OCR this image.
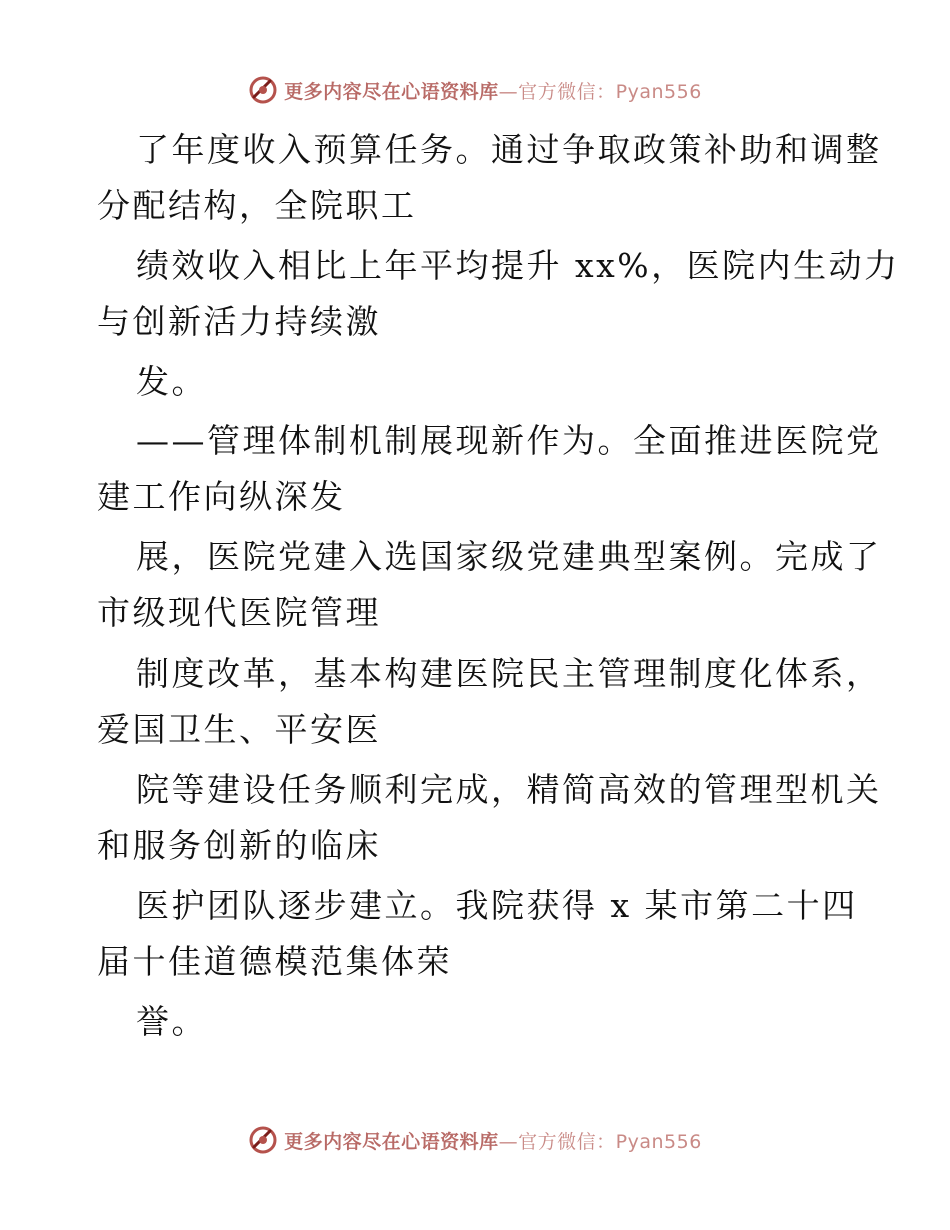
更多内容尽在心语资料库—官方微信：Pyan556
了年度收入预算任务。通过争取政策补助和调整
分配结构，全院职工
绩效收入相比上年平均提升 xx%，医院内生动力
与创新活力持续激
发。
——管理体制机制展现新作为。全面推进医院党
建工作向纵深发
展，医院党建入选国家级党建典型案例。完成了
市级现代医院管理
制度改革，基本构建医院民主管理制度化体系，
爱国卫生、平安医
院等建设任务顺利完成，精简高效的管理型机关
和服务创新的临床
医护团队逐步建立。我院获得 x 某市第二十四
届十佳道德模范集体荣
誉。
更多内容尽在心语资料库—官方微信：Pyan556
